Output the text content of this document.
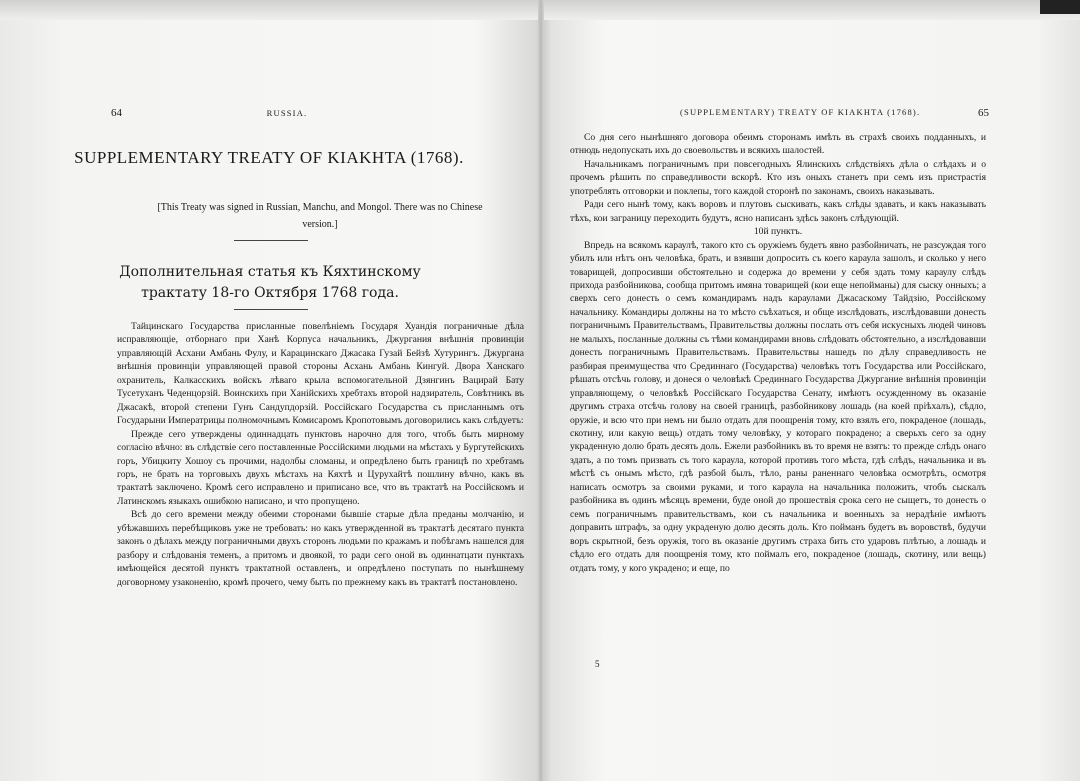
64	RUSSIA.
SUPPLEMENTARY TREATY OF KIAKHTA (1768).
[This Treaty was signed in Russian, Manchu, and Mongol. There was no Chinese version.]
Дополнительная статья къ Кяхтинскому трактату 18-го Октября 1768 года.

Тайцинскаго Государства присланные повелѣніемъ Государя Хуандія пограничные дѣла исправляющіе, отборнаго при Ханѣ Корпуса начальникъ, Джургания внѣшнія провинціи управляющій Асхани Амбань Фулу, и Карацинскаго Джасака Гузай Бейзѣ Хутурингъ. Джургана внѣшнія провинціи управляющей правой стороны Асхань Амбань Кингуй. Двора Ханскаго охранитель, Калкасскихъ войскъ лѣваго крыла вспомогательной Дзянгинъ Вацирай Бату Тусетуханъ Чеденцорзій. Воинскихъ при Ханійскихъ хребтахъ второй надзиратель, Совѣтникъ въ Джасакѣ, второй степени Гунъ Сандупдорзій. Россійскаго Государства съ присланнымъ отъ Государыни Императрицы полномочнымъ Комисаромъ Кропотовымъ договорились какъ слѣдуетъ:

Прежде сего утверждены одиннадцать пунктовъ нарочно для того, чтобъ быть мирному согласію вѣчно: въ слѣдствіе сего поставленные Россійскими людьми на мѣстахъ у Бургутейскихъ горъ, Убицкиту Хошоу съ прочими, надолбы сломаны, и опредѣлено быть границѣ по хребтамъ горъ, не брать на торговыхъ двухъ мѣстахъ на Кяхтѣ и Цурухайтѣ пошлину вѣчно, какъ въ трактатѣ заключено. Кромѣ сего исправлено и приписано все, что въ трактатѣ на Россійскомъ и Латинскомъ языкахъ ошибкою написано, и что пропущено.

Всѣ до сего времени между обеими сторонами бывшіе старые дѣла преданы молчанію, и убѣжавшихъ перебѣщиковъ уже не требовать: но какъ утвержденной въ трактатѣ десятаго пункта законъ о дѣлахъ между пограничными двухъ сторонъ людьми по кражамъ и побѣгамъ нашелся для разбору и слѣдованія теменъ, а притомъ и двоякой, то ради сего оной въ одиннатцати пунктахъ имѣющейся десятой пунктъ трактатной оставленъ, и опредѣлено поступать по нынѣшнему договорному узаконенію, кромѣ прочего, чему быть по прежнему какъ въ трактатѣ постановлено.

(SUPPLEMENTARY) TREATY OF KIAKHTA (1768).	65

Со дня сего нынѣшняго договора обеимъ сторонамъ имѣть въ страхѣ своихъ подданныхъ, и отнюдь недопускать ихъ до своевольствъ и всякихъ шалостей.

Начальникамъ пограничнымъ при повсегодныхъ Ялинскихъ слѣдствіяхъ дѣла о слѣдахъ и о прочемъ рѣшить по справедливости вскорѣ. Кто изъ оныхъ станетъ при семъ изъ пристрастія употреблять отговорки и поклепы, того каждой сторонѣ по законамъ, своихъ наказывать.

Ради сего нынѣ тому, какъ воровъ и плутовъ сыскивать, какъ слѣды здавать, и какъ наказывать тѣхъ, кои заграницу переходить будутъ, ясно написанъ здѣсь законъ слѣдующій.

10й пунктъ.

Впредь на всякомъ караулѣ, такого кто съ оружіемъ будетъ явно разбойничать, не разсуждая того убилъ или нѣтъ онъ человѣка, брать, и взявши допросить съ коего караула зашолъ, и сколько у него товарищей, допросивши обстоятельно и содержа до времени у себя здать тому караулу слѣдъ прихода разбойникова, сообща притомъ имяна товарищей (кои еще непойманы) для сыску онныхъ; а сверхъ сего донесть о семъ командирамъ надъ караулами Джасаскому Тайдзію, Россійскому начальнику. Командиры должны на то мѣсто съѣхаться, и обще изслѣдовать, изслѣдовавши донесть пограничнымъ Правительствамъ, Правительствы должны послать отъ себя искусныхъ людей чиновъ не малыхъ, посланные должны съ тѣми командирами вновь слѣдовать обстоятельно, а изслѣдовавши донесть пограничнымъ Правительствамъ. Правительствы нашедъ по дѣлу справедливость не разбирая преимущества что Срединнаго (Государства) человѣкъ тотъ Государства или Россійскаго, рѣшать отсѣчь голову, и донеся о человѣкѣ Срединнаго Государства Джургание внѣшнія провинціи управляющему, о человѣкѣ Россійскаго Государства Сенату, имѣютъ осужденному въ оказаніе другимъ страха отсѣчь голову на своей границѣ, разбойникову лошадь (на коей пріѣхалъ), сѣдло, оружіе, и всю что при немъ ни было отдать для поощренія тому, кто взялъ его, покраденое (лошадь, скотину, или какую вещь) отдать тому человѣку, у котораго покрадено; а сверьхъ сего за одну украденную долю брать десять доль. Ежели разбойникъ въ то время не взятъ: то прежде слѣдъ онаго здать, а по томъ призвать съ того караула, которой противъ того мѣста, гдѣ слѣдъ, начальника и въ мѣстѣ съ онымъ мѣсто, гдѣ разбой былъ, тѣло, раны раненнаго человѣка осмотрѣть, осмотря написать осмотръ за своими руками, и того караула на начальника положить, чтобъ сыскалъ разбойника въ одинъ мѣсяцъ времени, буде оной до прошествія срока сего не сыщетъ, то донесть о семъ пограничнымъ правительствамъ, кои съ начальника и военныхъ за нерадѣніе имѣютъ доправить штрафъ, за одну украденую долю десять доль. Кто пойманъ будетъ въ воровствѣ, будучи воръ скрытной, безъ оружія, того въ оказаніе другимъ страха бить сто ударовъ плѣтью, а лошадь и сѣдло его отдать для поощренія тому, кто поймалъ его, покраденое (лошадь, скотину, или вещь) отдать тому, у кого украдено; и еще, по

5
